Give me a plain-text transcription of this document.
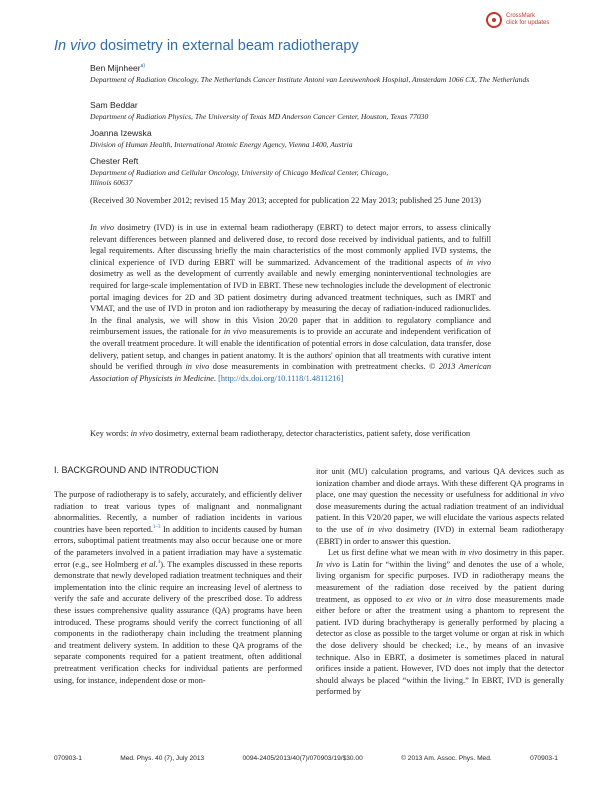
CrossMark
click for updates
In vivo dosimetry in external beam radiotherapy
Ben Mijnheer$^{a)}$
Department of Radiation Oncology, The Netherlands Cancer Institute Antoni van Leeuwenhoek Hospital, Amsterdam 1066 CX, The Netherlands
Sam Beddar
Department of Radiation Physics, The University of Texas MD Anderson Cancer Center, Houston, Texas 77030
Joanna Izewska
Division of Human Health, International Atomic Energy Agency, Vienna 1400, Austria
Chester Reft
Department of Radiation and Cellular Oncology, University of Chicago Medical Center, Chicago, Illinois 60637
(Received 30 November 2012; revised 15 May 2013; accepted for publication 22 May 2013; published 25 June 2013)
In vivo dosimetry (IVD) is in use in external beam radiotherapy (EBRT) to detect major errors, to assess clinically relevant differences between planned and delivered dose, to record dose received by individual patients, and to fulfill legal requirements. After discussing briefly the main characteristics of the most commonly applied IVD systems, the clinical experience of IVD during EBRT will be summarized. Advancement of the traditional aspects of in vivo dosimetry as well as the development of currently available and newly emerging noninterventional technologies are required for large-scale implementation of IVD in EBRT. These new technologies include the development of electronic portal imaging devices for 2D and 3D patient dosimetry during advanced treatment techniques, such as IMRT and VMAT, and the use of IVD in proton and ion radiotherapy by measuring the decay of radiation-induced radionuclides. In the final analysis, we will show in this Vision 20/20 paper that in addition to regulatory compliance and reimbursement issues, the rationale for in vivo measurements is to provide an accurate and independent verification of the overall treatment procedure. It will enable the identification of potential errors in dose calculation, data transfer, dose delivery, patient setup, and changes in patient anatomy. It is the authors' opinion that all treatments with curative intent should be verified through in vivo dose measurements in combination with pretreatment checks. © 2013 American Association of Physicists in Medicine. [http://dx.doi.org/10.1118/1.4811216]
Key words: in vivo dosimetry, external beam radiotherapy, detector characteristics, patient safety, dose verification
I. BACKGROUND AND INTRODUCTION
The purpose of radiotherapy is to safely, accurately, and efficiently deliver radiation to treat various types of malignant and nonmalignant abnormalities. Recently, a number of radiation incidents in various countries have been reported.$^{1-3}$ In addition to incidents caused by human errors, suboptimal patient treatments may also occur because one or more of the parameters involved in a patient irradiation may have a systematic error (e.g., see Holmberg et al.$^4$). The examples discussed in these reports demonstrate that newly developed radiation treatment techniques and their implementation into the clinic require an increasing level of alertness to verify the safe and accurate delivery of the prescribed dose. To address these issues comprehensive quality assurance (QA) programs have been introduced. These programs should verify the correct functioning of all components in the radiotherapy chain including the treatment planning and treatment delivery system. In addition to these QA programs of the separate components required for a patient treatment, often additional pretreatment verification checks for individual patients are performed using, for instance, independent dose or mon-
itor unit (MU) calculation programs, and various QA devices such as ionization chamber and diode arrays. With these different QA programs in place, one may question the necessity or usefulness for additional in vivo dose measurements during the actual radiation treatment of an individual patient. In this V20/20 paper, we will elucidate the various aspects related to the use of in vivo dosimetry (IVD) in external beam radiotherapy (EBRT) in order to answer this question.
Let us first define what we mean with in vivo dosimetry in this paper. In vivo is Latin for “within the living” and denotes the use of a whole, living organism for specific purposes. IVD in radiotherapy means the measurement of the radiation dose received by the patient during treatment, as opposed to ex vivo or in vitro dose measurements made either before or after the treatment using a phantom to represent the patient. IVD during brachytherapy is generally performed by placing a detector as close as possible to the target volume or organ at risk in which the dose delivery should be checked; i.e., by means of an invasive technique. Also in EBRT, a dosimeter is sometimes placed in natural orifices inside a patient. However, IVD does not imply that the detector should always be placed “within the living.” In EBRT, IVD is generally performed by
070903-1	Med. Phys. 40 (7), July 2013	0094-2405/2013/40(7)/070903/19/$30.00	© 2013 Am. Assoc. Phys. Med.	070903-1
